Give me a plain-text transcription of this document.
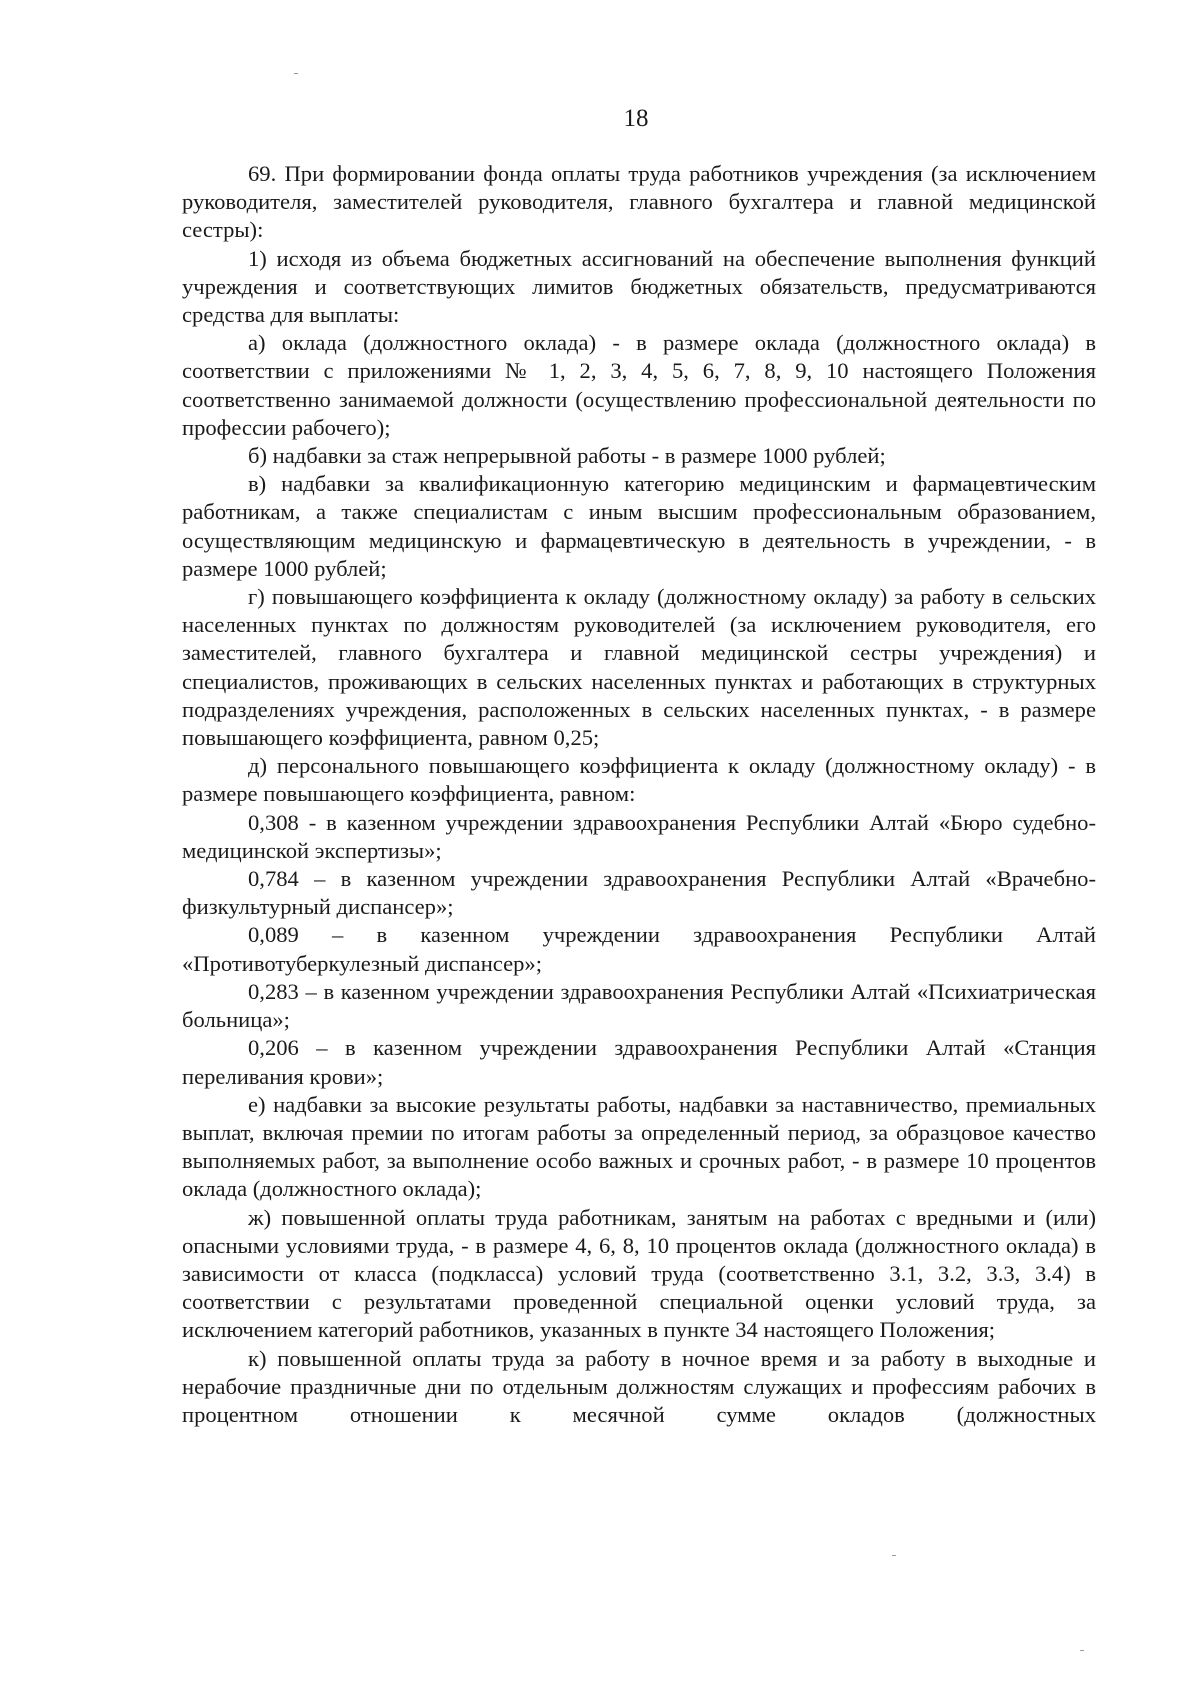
18

69. При формировании фонда оплаты труда работников учреждения (за исключением руководителя, заместителей руководителя, главного бухгалтера и главной медицинской сестры):

1) исходя из объема бюджетных ассигнований на обеспечение выполнения функций учреждения и соответствующих лимитов бюджетных обязательств, предусматриваются средства для выплаты:

а) оклада (должностного оклада) - в размере оклада (должностного оклада) в соответствии с приложениями № 1, 2, 3, 4, 5, 6, 7, 8, 9, 10 настоящего Положения соответственно занимаемой должности (осуществлению профессиональной деятельности по профессии рабочего);

б) надбавки за стаж непрерывной работы - в размере 1000 рублей;

в) надбавки за квалификационную категорию медицинским и фармацевтическим работникам, а также специалистам с иным высшим профессиональным образованием, осуществляющим медицинскую и фармацевтическую в деятельность в учреждении, - в размере 1000 рублей;

г) повышающего коэффициента к окладу (должностному окладу) за работу в сельских населенных пунктах по должностям руководителей (за исключением руководителя, его заместителей, главного бухгалтера и главной медицинской сестры учреждения) и специалистов, проживающих в сельских населенных пунктах и работающих в структурных подразделениях учреждения, расположенных в сельских населенных пунктах, - в размере повышающего коэффициента, равном 0,25;

д) персонального повышающего коэффициента к окладу (должностному окладу) - в размере повышающего коэффициента, равном:

0,308 - в казенном учреждении здравоохранения Республики Алтай «Бюро судебно-медицинской экспертизы»;

0,784 – в казенном учреждении здравоохранения Республики Алтай «Врачебно-физкультурный диспансер»;

0,089 – в казенном учреждении здравоохранения Республики Алтай «Противотуберкулезный диспансер»;

0,283 – в казенном учреждении здравоохранения Республики Алтай «Психиатрическая больница»;

0,206 – в казенном учреждении здравоохранения Республики Алтай «Станция переливания крови»;

е) надбавки за высокие результаты работы, надбавки за наставничество, премиальных выплат, включая премии по итогам работы за определенный период, за образцовое качество выполняемых работ, за выполнение особо важных и срочных работ, - в размере 10 процентов оклада (должностного оклада);

ж) повышенной оплаты труда работникам, занятым на работах с вредными и (или) опасными условиями труда, - в размере 4, 6, 8, 10 процентов оклада (должностного оклада) в зависимости от класса (подкласса) условий труда (соответственно 3.1, 3.2, 3.3, 3.4) в соответствии с результатами проведенной специальной оценки условий труда, за исключением категорий работников, указанных в пункте 34 настоящего Положения;

к) повышенной оплаты труда за работу в ночное время и за работу в выходные и нерабочие праздничные дни по отдельным должностям служащих и профессиям рабочих в процентном отношении к месячной сумме окладов (должностных
